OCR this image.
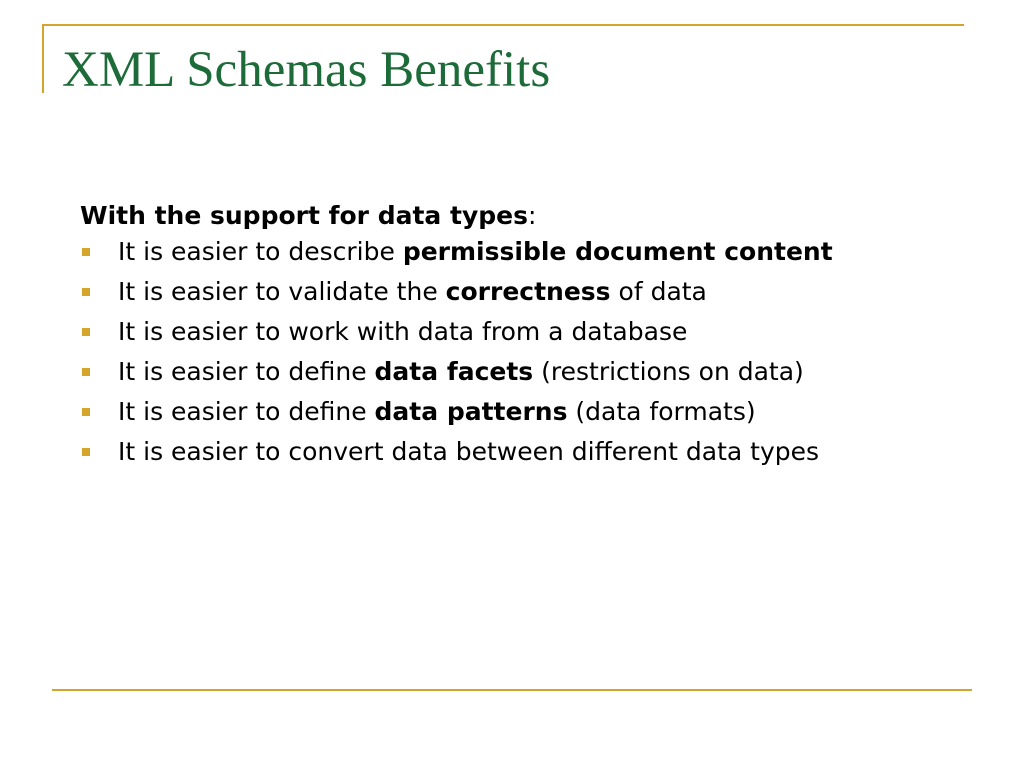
XML Schemas Benefits
With the support for data types:
It is easier to describe permissible document content
It is easier to validate the correctness of data
It is easier to work with data from a database
It is easier to define data facets (restrictions on data)
It is easier to define data patterns (data formats)
It is easier to convert data between different data types
